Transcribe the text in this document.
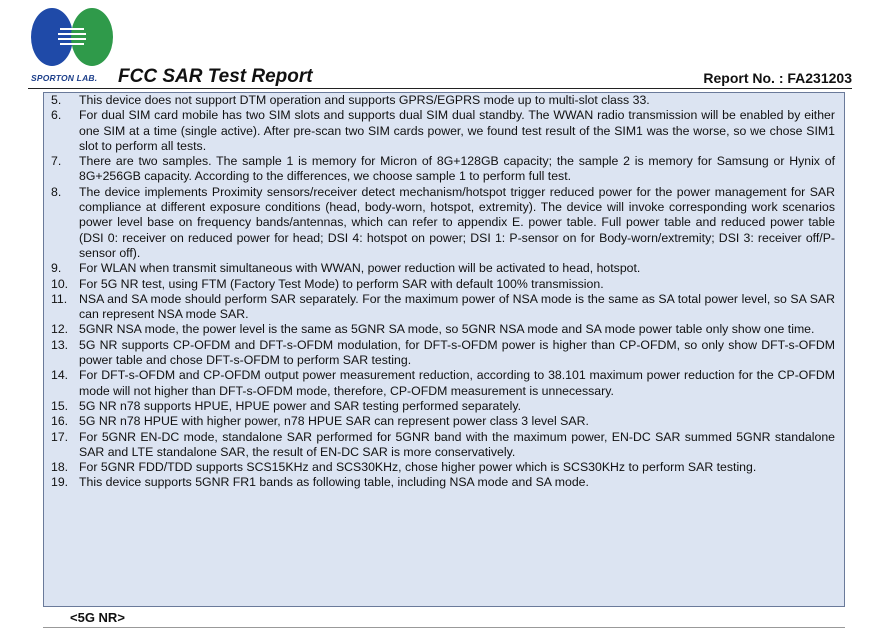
SPORTON LAB. FCC SAR Test Report	Report No. : FA231203
5. This device does not support DTM operation and supports GPRS/EGPRS mode up to multi-slot class 33.
6. For dual SIM card mobile has two SIM slots and supports dual SIM dual standby. The WWAN radio transmission will be enabled by either one SIM at a time (single active). After pre-scan two SIM cards power, we found test result of the SIM1 was the worse, so we chose SIM1 slot to perform all tests.
7. There are two samples. The sample 1 is memory for Micron of 8G+128GB capacity; the sample 2 is memory for Samsung or Hynix of 8G+256GB capacity. According to the differences, we choose sample 1 to perform full test.
8. The device implements Proximity sensors/receiver detect mechanism/hotspot trigger reduced power for the power management for SAR compliance at different exposure conditions (head, body-worn, hotspot, extremity). The device will invoke corresponding work scenarios power level base on frequency bands/antennas, which can refer to appendix E. power table. Full power table and reduced power table (DSI 0: receiver on reduced power for head; DSI 4: hotspot on power; DSI 1: P-sensor on for Body-worn/extremity; DSI 3: receiver off/P-sensor off).
9. For WLAN when transmit simultaneous with WWAN, power reduction will be activated to head, hotspot.
10. For 5G NR test, using FTM (Factory Test Mode) to perform SAR with default 100% transmission.
11. NSA and SA mode should perform SAR separately. For the maximum power of NSA mode is the same as SA total power level, so SA SAR can represent NSA mode SAR.
12. 5GNR NSA mode, the power level is the same as 5GNR SA mode, so 5GNR NSA mode and SA mode power table only show one time.
13. 5G NR supports CP-OFDM and DFT-s-OFDM modulation, for DFT-s-OFDM power is higher than CP-OFDM, so only show DFT-s-OFDM power table and chose DFT-s-OFDM to perform SAR testing.
14. For DFT-s-OFDM and CP-OFDM output power measurement reduction, according to 38.101 maximum power reduction for the CP-OFDM mode will not higher than DFT-s-OFDM mode, therefore, CP-OFDM measurement is unnecessary.
15. 5G NR n78 supports HPUE, HPUE power and SAR testing performed separately.
16. 5G NR n78 HPUE with higher power, n78 HPUE SAR can represent power class 3 level SAR.
17. For 5GNR EN-DC mode, standalone SAR performed for 5GNR band with the maximum power, EN-DC SAR summed 5GNR standalone SAR and LTE standalone SAR, the result of EN-DC SAR is more conservatively.
18. For 5GNR FDD/TDD supports SCS15KHz and SCS30KHz, chose higher power which is SCS30KHz to perform SAR testing.
19. This device supports 5GNR FR1 bands as following table, including NSA mode and SA mode.
<5G NR>
